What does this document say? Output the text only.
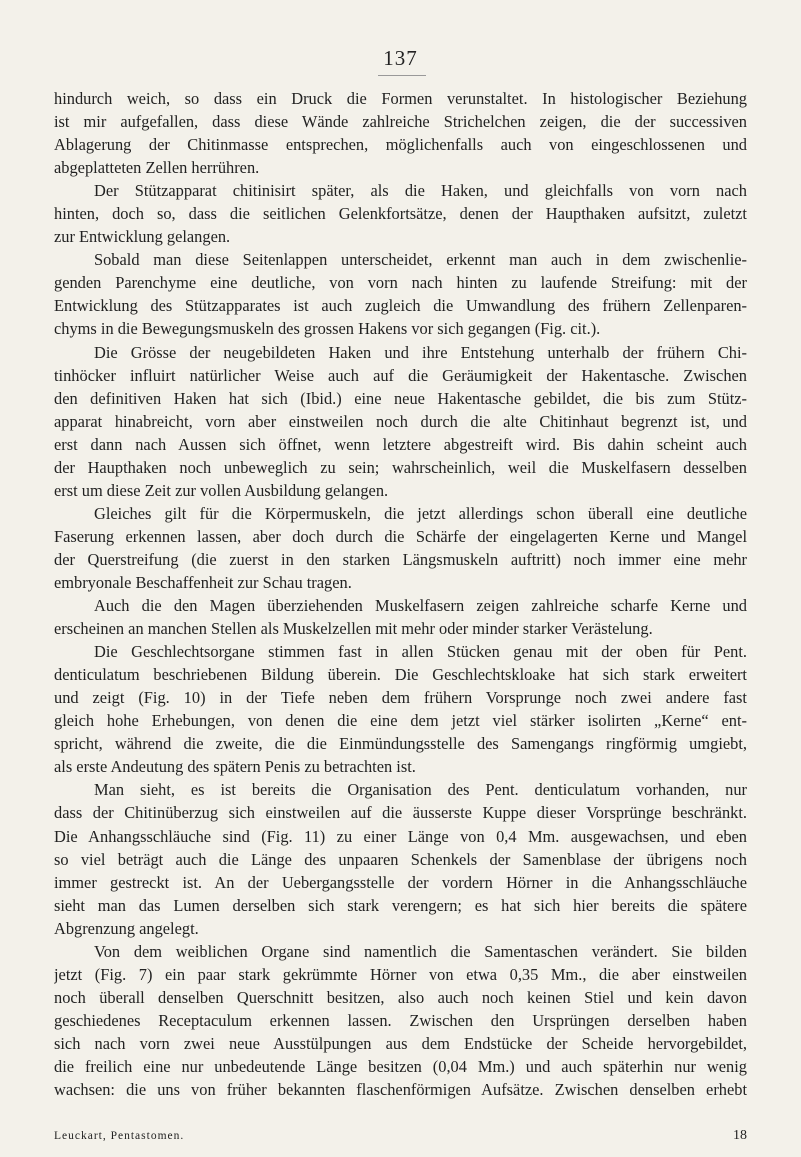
137
hindurch weich, so dass ein Druck die Formen verunstaltet. In histologischer Beziehung
ist mir aufgefallen, dass diese Wände zahlreiche Strichelchen zeigen, die der successiven
Ablagerung der Chitinmasse entsprechen, möglichenfalls auch von eingeschlossenen und
abgeplatteten Zellen herrühren.
Der Stützapparat chitinisirt später, als die Haken, und gleichfalls von vorn nach
hinten, doch so, dass die seitlichen Gelenkfortsätze, denen der Haupthaken aufsitzt, zuletzt
zur Entwicklung gelangen.
Sobald man diese Seitenlappen unterscheidet, erkennt man auch in dem zwischenlie-
genden Parenchyme eine deutliche, von vorn nach hinten zu laufende Streifung: mit der
Entwicklung des Stützapparates ist auch zugleich die Umwandlung des frühern Zellenparen-
chyms in die Bewegungsmuskeln des grossen Hakens vor sich gegangen (Fig. cit.).
Die Grösse der neugebildeten Haken und ihre Entstehung unterhalb der frühern Chi-
tinhöcker influirt natürlicher Weise auch auf die Geräumigkeit der Hakentasche. Zwischen
den definitiven Haken hat sich (Ibid.) eine neue Hakentasche gebildet, die bis zum Stütz-
apparat hinabreicht, vorn aber einstweilen noch durch die alte Chitinhaut begrenzt ist, und
erst dann nach Aussen sich öffnet, wenn letztere abgestreift wird. Bis dahin scheint auch
der Haupthaken noch unbeweglich zu sein; wahrscheinlich, weil die Muskelfasern desselben
erst um diese Zeit zur vollen Ausbildung gelangen.
Gleiches gilt für die Körpermuskeln, die jetzt allerdings schon überall eine deutliche
Faserung erkennen lassen, aber doch durch die Schärfe der eingelagerten Kerne und Mangel
der Querstreifung (die zuerst in den starken Längsmuskeln auftritt) noch immer eine mehr
embryonale Beschaffenheit zur Schau tragen.
Auch die den Magen überziehenden Muskelfasern zeigen zahlreiche scharfe Kerne und
erscheinen an manchen Stellen als Muskelzellen mit mehr oder minder starker Verästelung.
Die Geschlechtsorgane stimmen fast in allen Stücken genau mit der oben für Pent.
denticulatum beschriebenen Bildung überein. Die Geschlechtskloake hat sich stark erweitert
und zeigt (Fig. 10) in der Tiefe neben dem frühern Vorsprunge noch zwei andere fast
gleich hohe Erhebungen, von denen die eine dem jetzt viel stärker isolirten „Kerne“ ent-
spricht, während die zweite, die die Einmündungsstelle des Samengangs ringförmig umgiebt,
als erste Andeutung des spätern Penis zu betrachten ist.
Man sieht, es ist bereits die Organisation des Pent. denticulatum vorhanden, nur
dass der Chitinüberzug sich einstweilen auf die äusserste Kuppe dieser Vorsprünge beschränkt.
Die Anhangsschläuche sind (Fig. 11) zu einer Länge von 0,4 Mm. ausgewachsen, und eben
so viel beträgt auch die Länge des unpaaren Schenkels der Samenblase der übrigens noch
immer gestreckt ist. An der Uebergangsstelle der vordern Hörner in die Anhangsschläuche
sieht man das Lumen derselben sich stark verengern; es hat sich hier bereits die spätere
Abgrenzung angelegt.
Von dem weiblichen Organe sind namentlich die Samentaschen verändert. Sie bilden
jetzt (Fig. 7) ein paar stark gekrümmte Hörner von etwa 0,35 Mm., die aber einstweilen
noch überall denselben Querschnitt besitzen, also auch noch keinen Stiel und kein davon
geschiedenes Receptaculum erkennen lassen. Zwischen den Ursprüngen derselben haben
sich nach vorn zwei neue Ausstülpungen aus dem Endstücke der Scheide hervorgebildet,
die freilich eine nur unbedeutende Länge besitzen (0,04 Mm.) und auch späterhin nur wenig
wachsen: die uns von früher bekannten flaschenförmigen Aufsätze. Zwischen denselben erhebt
Leuckart, Pentastomen.	18
